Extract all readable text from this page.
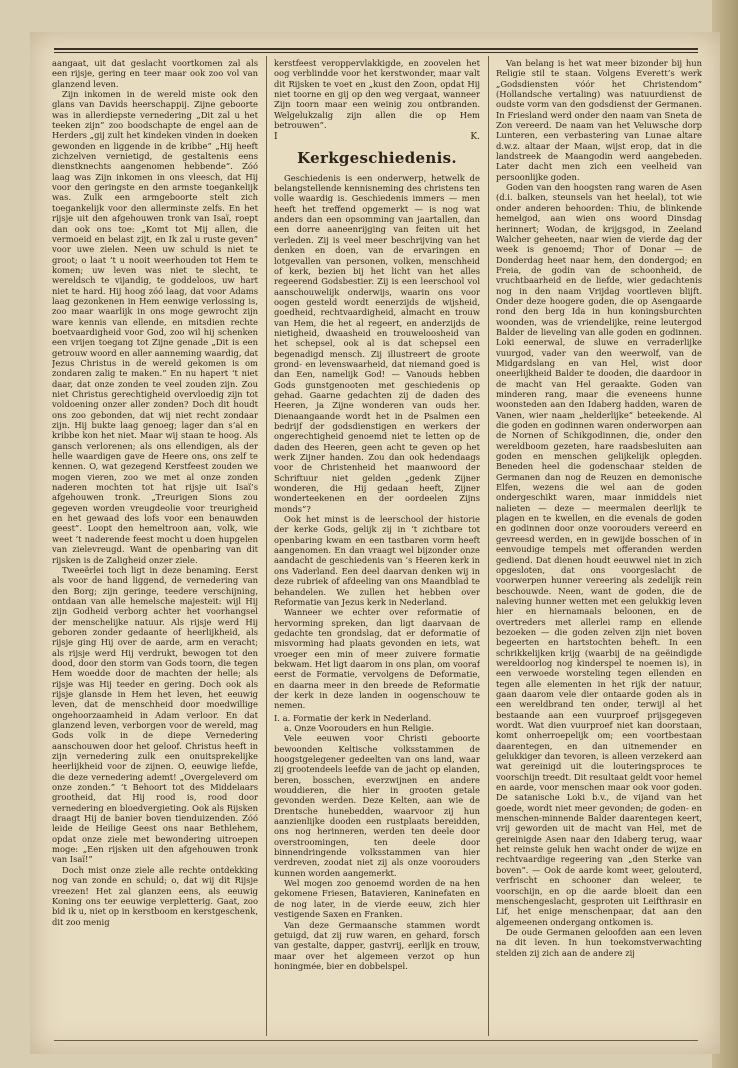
aangaat, uit dat geslacht voortkomen zal als een rijsje, gering en teer maar ook zoo vol van glanzend leven.

Zijn inkomen in de wereld miste ook den glans van Davids heerschappij. Zijne geboorte was in allerdiepste vernedering „Dit zal u het teeken zijn” zoo boodschapte de engel aan de Herders „gij zult het kindeken vinden in doeken gewonden en liggende in de kribbe” „Hij heeft zichzelven vernietigd, de gestaltenis eens dienstknechts aangenomen hebbende”. Zóó laag was Zijn inkomen in ons vleesch, dat Hij voor den geringste en den armste toegankelijk was. Zulk een armgeboorte stelt zich toegankelijk voor den allerminste zelfs. En het rijsje uit den afgehouwen tronk van Isaï, roept dan ook ons toe: „Komt tot Mij allen, die vermoeid en belast zijt, en Ik zal u ruste geven” voor uwe zielen. Neen uw schuld is niet te groot; o laat ‘t u nooit weerhouden tot Hem te komen; uw leven was niet te slecht, te wereldsch te vijandig, te goddeloos, uw hart niet te hard. Hij hoog zóó laag, dat voor Adams laag gezonkenen in Hem eenwige verlossing is, zoo maar waarlijk in ons moge gewrocht zijn ware kennis van ellende, en mitsdien rechte boetvaardigheid voor God, zoo wil hij schenken een vrijen toegang tot Zijne genade „Dit is een getrouw woord en aller aanneming waardig, dat Jezus Christus in de wereld gekomen is om zondaren zalig te maken.” En nu hapert ‘t niet daar, dat onze zonden te veel zouden zijn. Zou niet Christus gerechtigheid overvloedig zijn tot voldoening onzer aller zonden? Doch dit houdt ons zoo gebonden, dat wij niet recht zondaar zijn. Hij bukte laag genoeg; lager dan s’al en kribbe kon het niet. Maar wij staan te hoog. Als gansch verlorenen; als ons ellendigen, als der helle waardigen gave de Heere ons, ons zelf te kennen. O, wat gezegend Kerstfeest zouden we mogen vieren, zoo we met al onze zonden naderen mochten tot hat rijsje uit Isaï’s afgehouwen tronk. „Treurigen Sions zou gegeven worden vreugdeolie voor treurigheid en het gewaad des lofs voor een benauwden geest”. Loopt den hemeltroon aan, volk, wie weet ‘t naderende feest mocht u doen hupgelen van zielevreugd. Want de openbaring van dit rijsken is de Zaligheid onzer ziele.

Tweeërlei toch ligt in deze benaming. Eerst als voor de hand liggend, de vernedering van den Borg; zijn geringe, teedere verschijning, ontdaan van alle hemelsche majesteit: wijl Hij zijn Godheid verborg achter het voorhangsel der menschelijke natuur. Als rijsje werd Hij geboren zonder gedaante of heerlijkheid, als rijsje ging Hij over de aarde, arm en veracht; als rijsje werd Hij verdrukt, bewogen tot den dood, door den storm van Gods toorn, die tegen Hem woedde door de machten der helle; als rijsje was Hij teeder en gering. Doch ook als rijsje glansde in Hem het leven, het eeuwig leven, dat de menschheid door moedwillige ongehoorzaamheid in Adam verloor. En dat glanzend leven, verborgen voor de wereld, mag Gods volk in de diepe Vernedering aanschouwen door het geloof. Christus heeft in zijn vernedering zulk een onuitsprekelijke heerlijkheid voor de zijnen. O, eeuwige liefde, die deze vernedering ademt! „Overgeleverd om onze zonden.” ‘t Behoort tot des Middelaars grootheid, dat Hij rood is, rood door vernedering en bloedvergieting. Ook als Rijsken draagt Hij de banier boven tienduizenden. Zóó leide de Heilige Geest ons naar Bethlehem, opdat onze ziele met bewondering uitroepen moge: „Een rijsken uit den afgehouwen tronk van Isaï!”

Doch mist onze ziele alle rechte ontdekking nog van zonde en schuld; o, dat wij dit Rijsje vreezen! Het zal glanzen eens, als eeuwig Koning ons ter eeuwige verpletterig. Gaat, zoo bid ik u, niet op in kerstboom en kerstgeschenk, dit zoo menig

kerstfeest veroppervlakkigde, en zoovelen het oog verblindde voor het kerstwonder, maar valt dit Rijsken te voet en „kust den Zoon, opdat Hij niet toorne en gij op den weg vergaat, wanneer Zijn toorn maar een weinig zou ontbranden. Welgelukzalig zijn allen die op Hem betrouwen”.

I	K.
Kerkgeschiedenis.

Geschiedenis is een onderwerp, hetwelk de belangstellende kennisneming des christens ten volle waardig is. Geschiedenis immers — men heeft het treffend opgemerkt — is nog wat anders dan een opsomming van jaartallen, dan een dorre aaneenrijging van feiten uit het verleden. Zij is veel meer beschrijving van het denken en doen, van de ervaringen en lotgevallen van personen, volken, menschheid of kerk, bezien bij het licht van het alles regeerend Godsbestier. Zij is een leerschool vol aanschouwelijk onderwijs, waarin ons voor oogen gesteld wordt eenerzijds de wijsheid, goedheid, rechtvaardigheid, almacht en trouw van Hem, die het al regeert, en anderzijds de nietigheid, dwaasheid en trouweloosheid van het schepsel, ook al is dat schepsel een begenadigd mensch. Zij illustreert de groote grond- en levenswaarheid, dat niemand goed is dan Een, namelijk God! — Vanouds hebben Gods gunstgenooten met geschiedenis op gehad. Gaarne gedachten zij de daden des Heeren, ja Zijne wonderen van ouds her. Dienaangaande wordt het in de Psalmen een bedrijf der godsdienstigen en werkers der ongerechtigheid genoemd niet te letten op de daden des Heeren, geen acht te geven op het werk Zijner handen. Zou dan ook hedendaags voor de Christenheid het maanwoord der Schriftuur niet gelden „gedenk Zijner wonderen, die Hij gedaan heeft, Zijner wonderteekenen en der oordeelen Zijns monds”?

Ook het minst is de leerschool der historie der kerke Gods, gelijk zij in ‘t zichtbare tot openbaring kwam en een tastbaren vorm heeft aangenomen. En dan vraagt wel bijzonder onze aandacht de geschiedenis van ’s Heeren kerk in ons Vaderland. Een deel daarvan denken wij in deze rubriek of afdeeling van ons Maandblad te behandelen. We zullen het hebben over Reformatie van Jezus kerk in Nederland.

Wanneer we echter over reformatie of hervorming spreken, dan ligt daarvaan de gedachte ten grondslag, dat er deformatie of misvorming had plaats gevonden en iets, wat vroeger een min of meer zuivere formatie bekwam. Het ligt daarom in ons plan, om vooraf eerst de Formatie, vervolgens de Deformatie, en daarna meer in den breede de Reformatie der kerk in deze landen in oogenschouw te nemen.

I. a. Formatie der kerk in Nederland.

a. Onze Voorouders en hun Religie.

Vele eeuwen voor Christi geboorte bewoonden Keltische volksstammen de hoogstgelegener gedeelten van ons land, waar zij grootendeels leefde van de jacht op elanden, beren, bosschen, everzwijnen en andere wouddieren, die hier in grooten getale gevonden werden. Deze Kelten, aan wie de Drentsche hunebedden, waarvoor zij hun aanzienlijke dooden een rustplaats bereidden, ons nog herinneren, werden ten deele door overstroomingen, ten deele door binnendringende volksstammen van hier verdreven, zoodat niet zij als onze voorouders kunnen worden aangemerkt.

Wel mogen zoo genoemd worden de na hen gekomene Friesen, Batavieren, Kaninefaten en de nog later, in de vierde eeuw, zich hier vestigende Saxen en Franken.

Van deze Germaansche stammen wordt getuigd, dat zij ruw waren, en gehard, forsch van gestalte, dapper, gastvrij, eerlijk en trouw, maar over het algemeen verzot op hun honingmée, bier en dobbelspel.

Van belang is het wat meer bizonder bij hun Religie stil te staan. Volgens Everett’s werk „Godsdiensten vóór het Christendom” (Hollandsche vertaling) was natuurdienst de oudste vorm van den godsdienst der Germanen. In Friesland werd onder den naam van Sneta de Zon vereerd. De naam van het Veluwsche dorp Lunteren, een verbastering van Lunae altare d.w.z. altaar der Maan, wijst erop, dat in die landstreek de Maangodin werd aangebeden. Later dacht men zich een veelheid van persoonlijke goden.

Goden van den hoogsten rang waren de Asen (d.i. balken, steunsels van het heelal), tot wie onder anderen behoorden: Thiu, de blinkende hemelgod, aan wien ons woord Dinsdag herinnert; Wodan, de krijgsgod, in Zeeland Walcher geheeten, naar wien de vierde dag der week is genoemd; Thor of Donar — de Donderdag heet naar hem, den dondergod; en Freia, de godin van de schoonheid, de vruchtbaarheid en de liefde, wier gedachtenis nog in den naam Vrijdag voortleven blijft. Onder deze hoogere goden, die op Asengaarde rond den berg Ida in hun koningsburchten woonden, was de vriendelijke, reine leutergod Balder de lieveling van alle goden en godinnen. Loki eenerwal, de sluwe en verraderlijke vuurgod, vader van den weerwolf, van de Midgardslang en van Hel, wist door oneerlijkheid Balder te dooden, die daardoor in de macht van Hel geraakte. Goden van minderen rang, maar die eveneens hunne woonsteden aan den Idaberg hadden, waren de Vanen, wier naam „helderlijke” beteekende. Al die goden en godinnen waren onderworpen aan de Nornen of Schikgodinnen, die, onder den wereldboom gezeten, hare raadsbesluiten aan goden en menschen gelijkelijk oplegden. Beneden heel die godenschaar stelden de Germanen dan nog de Reuzen en demonische Elfen, wezens die wel aan de goden ondergeschikt waren, maar inmiddels niet nalieten — deze — meermalen deerlijk te plagen en te kwellen, en die evenals de goden en godinnen door onze voorouders vereerd en gevreesd werden, en in gewijde bosschen of in eenvoudige tempels met offeranden werden gediend. Dat dienen houdt eeuwwel niet in zich opgesloten, dat ons voorgeslacht de voorwerpen hunner vereering als zedelijk rein beschouwde. Neen, want de goden, die de naleving hunner wetten met een gelukkig leven hier en hiernamaals beloonen, en de overtreders met allerlei ramp en ellende bezoeken — die goden zelven zijn niet boven begeerten en hartstochten beheft. In een schrikkelijken krijg (waarbij de na geëindigde wereldoorlog nog kinderspel te noemen is), in een verwoede worsteling tegen ellenden en tegen alle elementen in het rijk der natuur, gaan daarom vele dier ontaarde goden als in een wereldbrand ten onder, terwijl al het bestaande aan een vuurproef prijsgegeven wordt. Wat dien vuurproef niet kan doorstaan, komt onherroepelijk om; een voortbestaan daarentegen, en dan uitnemender en gelukkiger dan tevoren, is alleen verzekerd aan wat gereinigd uit die louteringsproces te voorschijn treedt. Dit resultaat geldt voor hemel en aarde, voor menschen maar ook voor goden. De satanische Loki b.v., de vijand van het goede, wordt niet meer gevonden; de goden- en menschen-minnende Balder daarentegen keert, vrij geworden uit de macht van Hel, met de gereinigde Asen naar den Idaberg terug, waar het reinste geluk hen wacht onder de wijze en rechtvaardige regeering van „den Sterke van boven”. — Ook de aarde komt weer, gelouterd, verfrischt en schooner dan weleer, te voorschijn, en op die aarde bloeit dan een menschengeslacht, gesproten uit Leifthrasir en Lif, het enige menschenpaar, dat aan den algemeenen ondergang ontkomen is.

De oude Germanen geloofden aan een leven na dit leven. In hun toekomstverwachting stelden zij zich aan de andere zij
